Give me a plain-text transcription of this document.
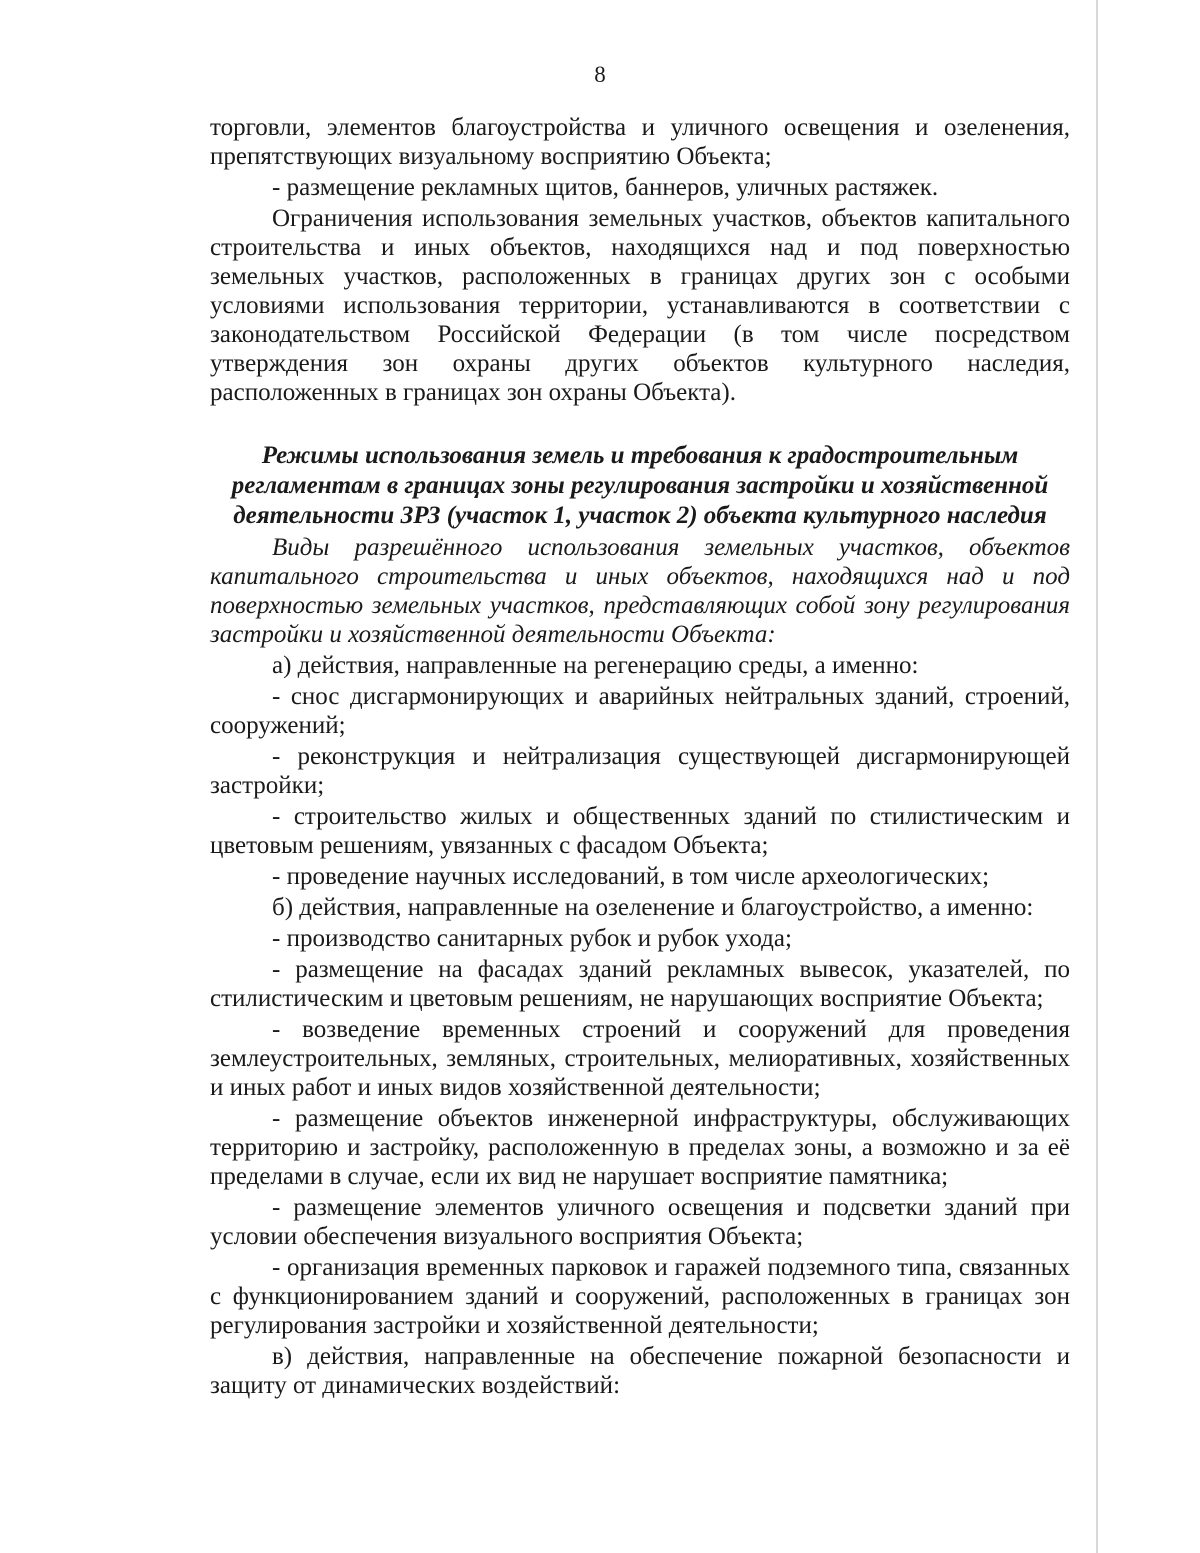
8

торговли, элементов благоустройства и уличного освещения и озеленения, препятствующих визуальному восприятию Объекта;

- размещение рекламных щитов, баннеров, уличных растяжек.

Ограничения использования земельных участков, объектов капитального строительства и иных объектов, находящихся над и под поверхностью земельных участков, расположенных в границах других зон с особыми условиями использования территории, устанавливаются в соответствии с законодательством Российской Федерации (в том числе посредством утверждения зон охраны других объектов культурного наследия, расположенных в границах зон охраны Объекта).

Режимы использования земель и требования к градостроительным регламентам в границах зоны регулирования застройки и хозяйственной деятельности ЗРЗ (участок 1, участок 2) объекта культурного наследия

Виды разрешённого использования земельных участков, объектов капитального строительства и иных объектов, находящихся над и под поверхностью земельных участков, представляющих собой зону регулирования застройки и хозяйственной деятельности Объекта:

а) действия, направленные на регенерацию среды, а именно:

- снос дисгармонирующих и аварийных нейтральных зданий, строений, сооружений;

- реконструкция и нейтрализация существующей дисгармонирующей застройки;

- строительство жилых и общественных зданий по стилистическим и цветовым решениям, увязанных с фасадом Объекта;

- проведение научных исследований, в том числе археологических;

б) действия, направленные на озеленение и благоустройство, а именно:

- производство санитарных рубок и рубок ухода;

- размещение на фасадах зданий рекламных вывесок, указателей, по стилистическим и цветовым решениям, не нарушающих восприятие Объекта;

- возведение временных строений и сооружений для проведения землеустроительных, земляных, строительных, мелиоративных, хозяйственных и иных работ и иных видов хозяйственной деятельности;

- размещение объектов инженерной инфраструктуры, обслуживающих территорию и застройку, расположенную в пределах зоны, а возможно и за её пределами в случае, если их вид не нарушает восприятие памятника;

- размещение элементов уличного освещения и подсветки зданий при условии обеспечения визуального восприятия Объекта;

- организация временных парковок и гаражей подземного типа, связанных с функционированием зданий и сооружений, расположенных в границах зон регулирования застройки и хозяйственной деятельности;

в) действия, направленные на обеспечение пожарной безопасности и защиту от динамических воздействий:
